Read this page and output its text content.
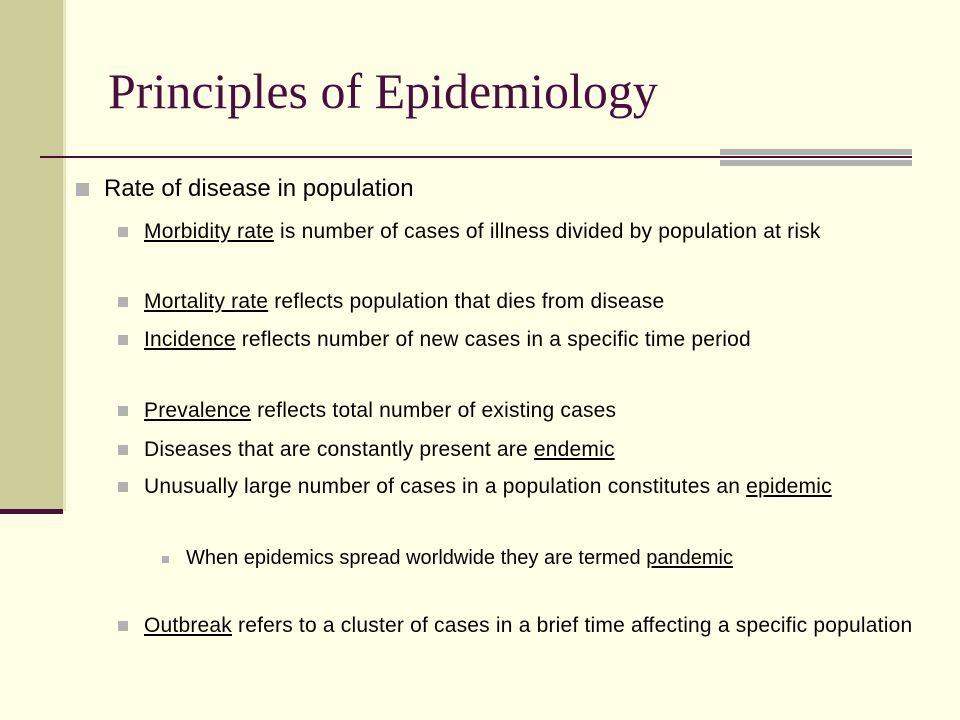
Principles of Epidemiology
Rate of disease in population
Morbidity rate is number of cases of illness divided by population at risk
Mortality rate reflects population that dies from disease
Incidence reflects number of new cases in a specific time period
Prevalence reflects total number of existing cases
Diseases that are constantly present are endemic
Unusually large number of cases in a population constitutes an epidemic
When epidemics spread worldwide they are termed pandemic
Outbreak refers to a cluster of cases in a brief time affecting a specific population
